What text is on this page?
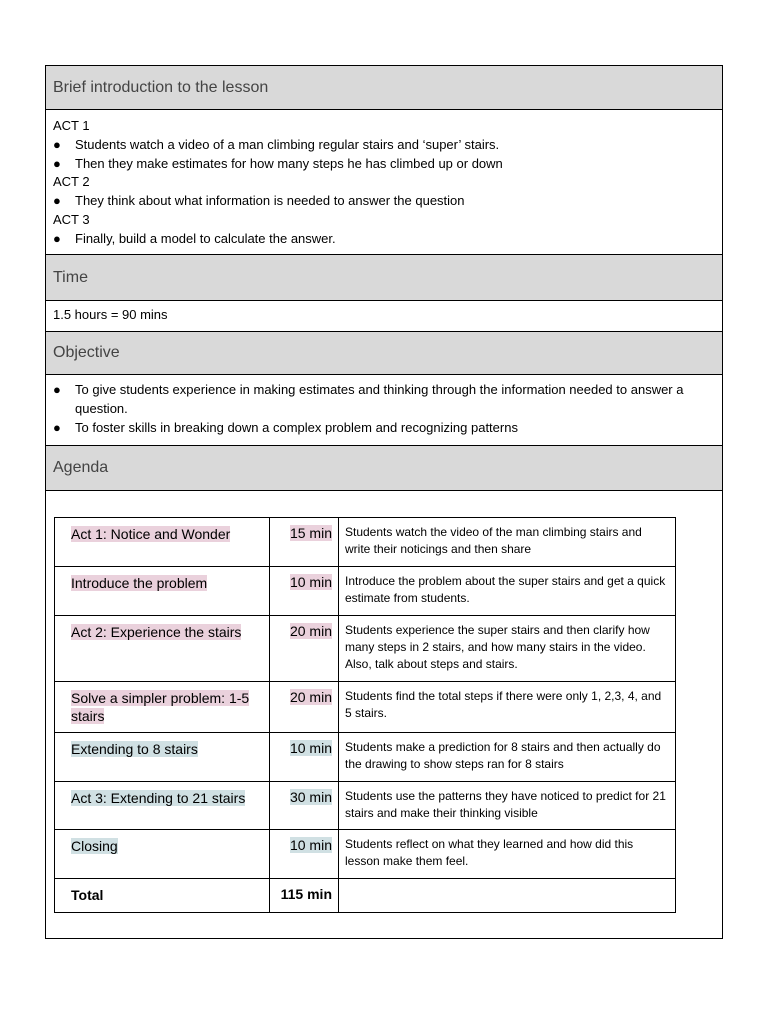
Brief introduction to the lesson
ACT 1
●	Students watch a video of a man climbing regular stairs and ‘super’ stairs.
●	Then they make estimates for how many steps he has climbed up or down
ACT 2
●	They think about what information is needed to answer the question
ACT 3
●	Finally, build a model to calculate the answer.
Time
1.5 hours = 90 mins
Objective
●	To give students experience in making estimates and thinking through the information needed to answer a question.
●	To foster skills in breaking down a complex problem and recognizing patterns
Agenda
Act 1: Notice and Wonder	15 min	Students watch the video of the man climbing stairs and write their noticings and then share
Introduce the problem	10 min	Introduce the problem about the super stairs and get a quick estimate from students.
Act 2: Experience the stairs	20 min	Students experience the super stairs and then clarify how many steps in 2 stairs, and how many stairs in the video. Also, talk about steps and stairs.
Solve a simpler problem: 1-5 stairs	20 min	Students find the total steps if there were only 1, 2,3, 4, and 5 stairs.
Extending to 8 stairs	10 min	Students make a prediction for 8 stairs and then actually do the drawing to show steps ran for 8 stairs
Act 3: Extending to 21 stairs	30 min	Students use the patterns they have noticed to predict for 21 stairs and make their thinking visible
Closing	10 min	Students reflect on what they learned and how did this lesson make them feel.
Total	115 min	
